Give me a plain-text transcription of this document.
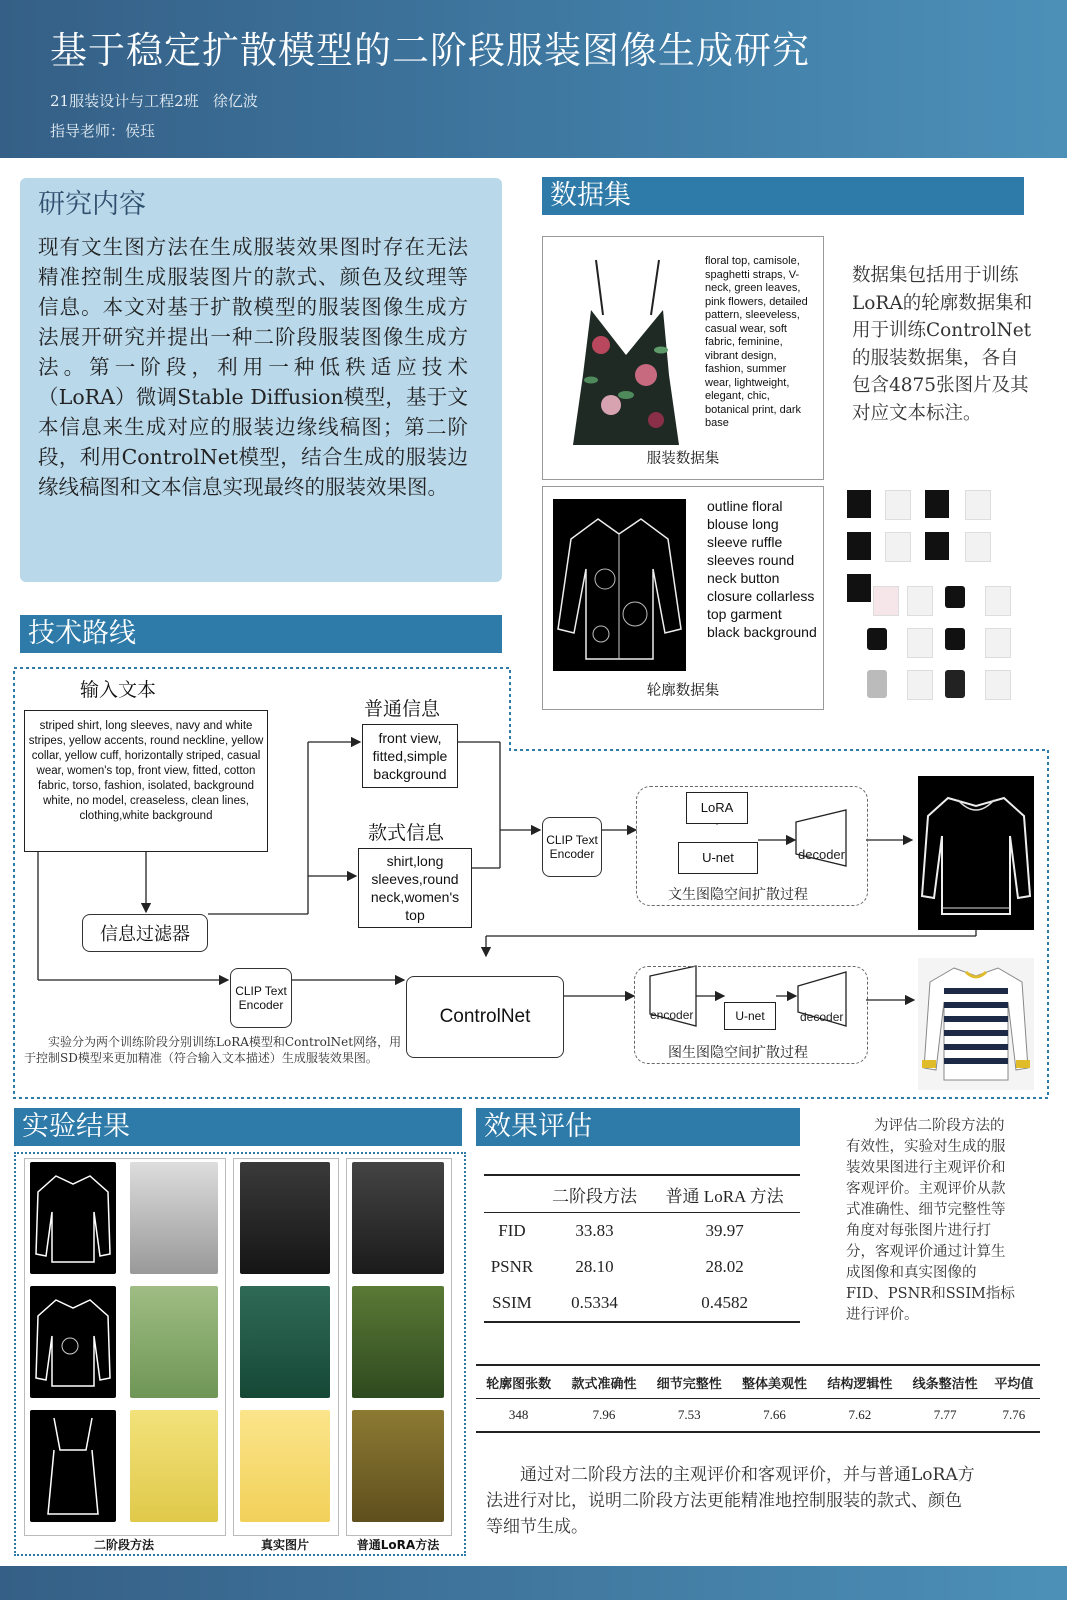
基于稳定扩散模型的二阶段服装图像生成研究
21服装设计与工程2班   徐亿波
指导老师：侯珏
研究内容
现有文生图方法在生成服装效果图时存在无法精准控制生成服装图片的款式、颜色及纹理等信息。本文对基于扩散模型的服装图像生成方法展开研究并提出一种二阶段服装图像生成方法。第一阶段，利用一种低秩适应技术（LoRA）微调Stable Diffusion模型，基于文本信息来生成对应的服装边缘线稿图；第二阶段，利用ControlNet模型，结合生成的服装边缘线稿图和文本信息实现最终的服装效果图。
数据集
floral top, camisole, spaghetti straps, V-neck, green leaves, pink flowers, detailed pattern, sleeveless, casual wear, soft fabric, feminine, vibrant design, fashion, summer wear, lightweight, elegant, chic, botanical print, dark base
服装数据集
outline floral blouse long sleeve ruffle sleeves round neck button closure collarless top garment black background
轮廓数据集
数据集包括用于训练LoRA的轮廓数据集和用于训练ControlNet的服装数据集，各自包含4875张图片及其对应文本标注。
技术路线
输入文本
striped shirt, long sleeves, navy and white stripes, yellow accents, round neckline, yellow collar, yellow cuff, horizontally striped, casual wear, women's top, front view, fitted, cotton fabric, torso, fashion, isolated, background white, no model, creaseless, clean lines, clothing,white background
普通信息
front view, fitted,simple background
款式信息
shirt,long sleeves,round neck,women's top
信息过滤器
CLIP Text Encoder
LoRA
U-net	decoder
文生图隐空间扩散过程
CLIP Text Encoder
ControlNet	encoder	U-net	decoder
图生图隐空间扩散过程
实验分为两个训练阶段分别训练LoRA模型和ControlNet网络，用于控制SD模型来更加精准（符合输入文本描述）生成服装效果图。
实验结果
二阶段方法	真实图片	普通LoRA方法
效果评估
	二阶段方法	普通 LoRA 方法
FID	33.83	39.97
PSNR	28.10	28.02
SSIM	0.5334	0.4582
为评估二阶段方法的有效性，实验对生成的服装效果图进行主观评价和客观评价。主观评价从款式准确性、细节完整性等角度对每张图片进行打分，客观评价通过计算生成图像和真实图像的FID、PSNR和SSIM指标进行评价。
轮廓图张数	款式准确性	细节完整性	整体美观性	结构逻辑性	线条整洁性	平均值
348	7.96	7.53	7.66	7.62	7.77	7.76
通过对二阶段方法的主观评价和客观评价，并与普通LoRA方法进行对比，说明二阶段方法更能精准地控制服装的款式、颜色等细节生成。
